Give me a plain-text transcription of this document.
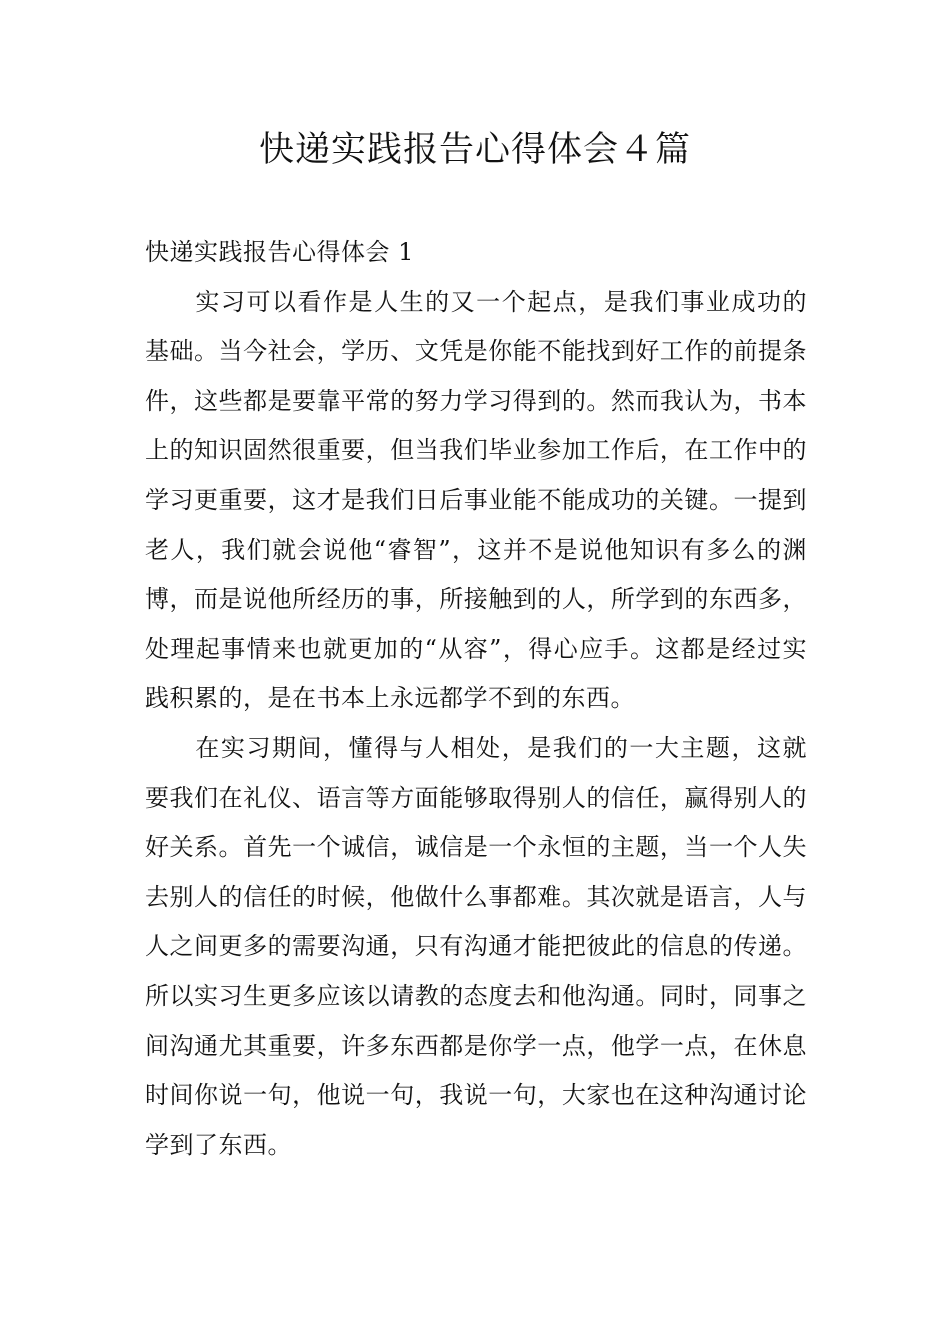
快递实践报告心得体会４篇
快递实践报告心得体会 1

实习可以看作是人生的又一个起点，是我们事业成功的基础。当今社会，学历、文凭是你能不能找到好工作的前提条件，这些都是要靠平常的努力学习得到的。然而我认为，书本上的知识固然很重要，但当我们毕业参加工作后，在工作中的学习更重要，这才是我们日后事业能不能成功的关键。一提到老人，我们就会说他“睿智”，这并不是说他知识有多么的渊博，而是说他所经历的事，所接触到的人，所学到的东西多，处理起事情来也就更加的“从容”，得心应手。这都是经过实践积累的，是在书本上永远都学不到的东西。

在实习期间，懂得与人相处，是我们的一大主题，这就要我们在礼仪、语言等方面能够取得别人的信任，赢得别人的好关系。首先一个诚信，诚信是一个永恒的主题，当一个人失去别人的信任的时候，他做什么事都难。其次就是语言，人与人之间更多的需要沟通，只有沟通才能把彼此的信息的传递。所以实习生更多应该以请教的态度去和他沟通。同时，同事之间沟通尤其重要，许多东西都是你学一点，他学一点，在休息时间你说一句，他说一句，我说一句，大家也在这种沟通讨论学到了东西。
